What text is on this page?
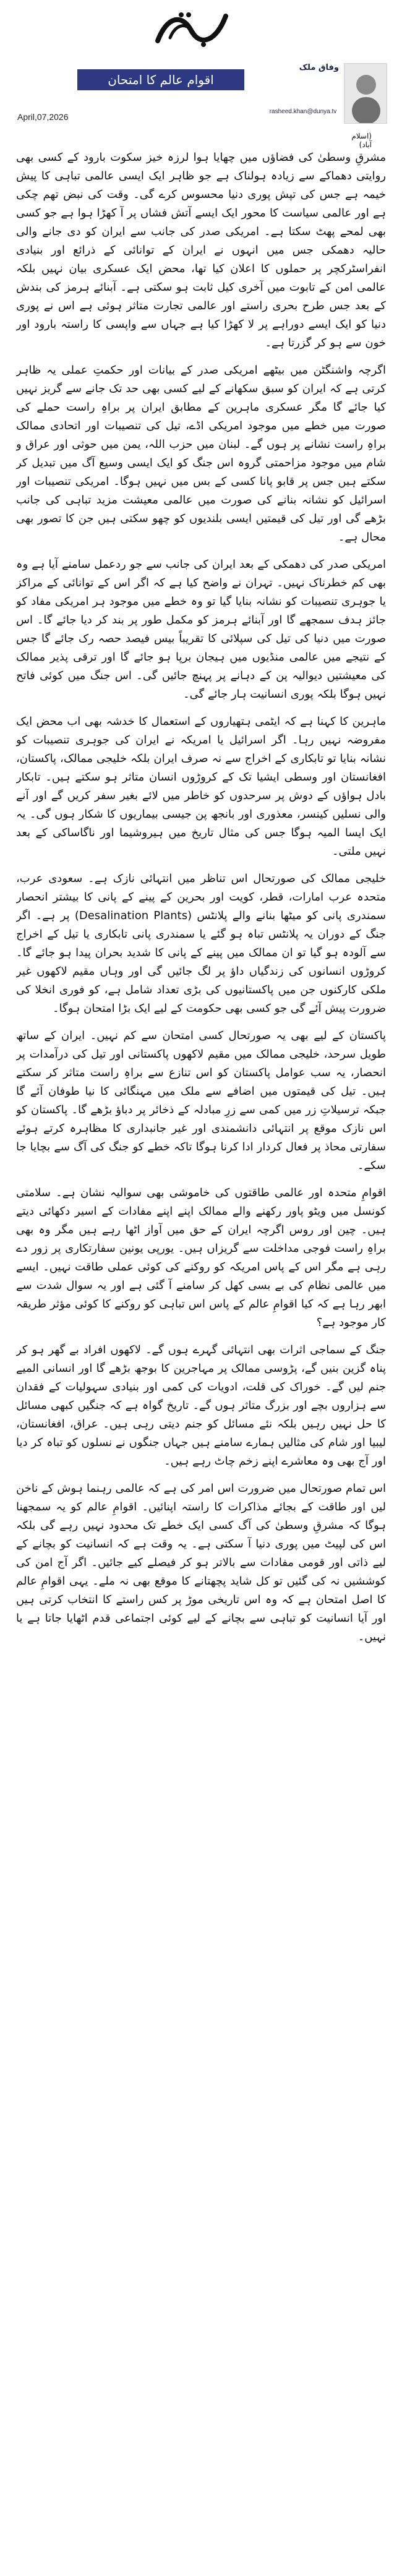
اقوام عالم کا امتحان
April,07,2026
وفاق ملک
rasheed.khan@dunya.tv
(اسلام آباد)

مشرقِ وسطیٰ کی فضاؤں میں چھایا ہوا لرزہ خیز سکوت بارود کے کسی بھی روایتی دھماکے سے زیادہ ہولناک ہے جو ظاہر ایک ایسی عالمی تباہی کا پیش خیمہ ہے جس کی تپش پوری دنیا محسوس کرے گی۔ وقت کی نبض تھم چکی ہے اور عالمی سیاست کا محور ایک ایسے آتش فشاں پر آ کھڑا ہوا ہے جو کسی بھی لمحے پھٹ سکتا ہے۔ امریکی صدر کی جانب سے ایران کو دی جانے والی حالیہ دھمکی جس میں انہوں نے ایران کے توانائی کے ذرائع اور بنیادی انفراسٹرکچر پر حملوں کا اعلان کیا تھا، محض ایک عسکری بیان نہیں بلکہ عالمی امن کے تابوت میں آخری کیل ثابت ہو سکتی ہے۔ آبنائے ہرمز کی بندش کے بعد جس طرح بحری راستے اور عالمی تجارت متاثر ہوئی ہے اس نے پوری دنیا کو ایک ایسے دوراہے پر لا کھڑا کیا ہے جہاں سے واپسی کا راستہ بارود اور خون سے ہو کر گزرتا ہے۔

اگرچہ واشنگٹن میں بیٹھے امریکی صدر کے بیانات اور حکمتِ عملی یہ ظاہر کرتی ہے کہ ایران کو سبق سکھانے کے لیے کسی بھی حد تک جانے سے گریز نہیں کیا جائے گا مگر عسکری ماہرین کے مطابق ایران پر براہِ راست حملے کی صورت میں خطے میں موجود امریکی اڈے، تیل کی تنصیبات اور اتحادی ممالک براہِ راست نشانے پر ہوں گے۔ لبنان میں حزب اللہ، یمن میں حوثی اور عراق و شام میں موجود مزاحمتی گروہ اس جنگ کو ایک ایسی وسیع آگ میں تبدیل کر سکتے ہیں جس پر قابو پانا کسی کے بس میں نہیں ہوگا۔ امریکی تنصیبات اور اسرائیل کو نشانہ بنانے کی صورت میں عالمی معیشت مزید تباہی کی جانب بڑھے گی اور تیل کی قیمتیں ایسی بلندیوں کو چھو سکتی ہیں جن کا تصور بھی محال ہے۔

امریکی صدر کی دھمکی کے بعد ایران کی جانب سے جو ردعمل سامنے آیا ہے وہ بھی کم خطرناک نہیں۔ تہران نے واضح کیا ہے کہ اگر اس کے توانائی کے مراکز یا جوہری تنصیبات کو نشانہ بنایا گیا تو وہ خطے میں موجود ہر امریکی مفاد کو جائز ہدف سمجھے گا اور آبنائے ہرمز کو مکمل طور پر بند کر دیا جائے گا۔ اس صورت میں دنیا کی تیل کی سپلائی کا تقریباً بیس فیصد حصہ رک جائے گا جس کے نتیجے میں عالمی منڈیوں میں ہیجان برپا ہو جائے گا اور ترقی پذیر ممالک کی معیشتیں دیوالیہ پن کے دہانے پر پہنچ جائیں گی۔ اس جنگ میں کوئی فاتح نہیں ہوگا بلکہ پوری انسانیت ہار جائے گی۔

ماہرین کا کہنا ہے کہ ایٹمی ہتھیاروں کے استعمال کا خدشہ بھی اب محض ایک مفروضہ نہیں رہا۔ اگر اسرائیل یا امریکہ نے ایران کی جوہری تنصیبات کو نشانہ بنایا تو تابکاری کے اخراج سے نہ صرف ایران بلکہ خلیجی ممالک، پاکستان، افغانستان اور وسطی ایشیا تک کے کروڑوں انسان متاثر ہو سکتے ہیں۔ تابکار بادل ہواؤں کے دوش پر سرحدوں کو خاطر میں لائے بغیر سفر کریں گے اور آنے والی نسلیں کینسر، معذوری اور بانجھ پن جیسی بیماریوں کا شکار ہوں گی۔ یہ ایک ایسا المیہ ہوگا جس کی مثال تاریخ میں ہیروشیما اور ناگاساکی کے بعد نہیں ملتی۔

خلیجی ممالک کی صورتحال اس تناظر میں انتہائی نازک ہے۔ سعودی عرب، متحدہ عرب امارات، قطر، کویت اور بحرین کے پینے کے پانی کا بیشتر انحصار سمندری پانی کو میٹھا بنانے والے پلانٹس (Desalination Plants) پر ہے۔ اگر جنگ کے دوران یہ پلانٹس تباہ ہو گئے یا سمندری پانی تابکاری یا تیل کے اخراج سے آلودہ ہو گیا تو ان ممالک میں پینے کے پانی کا شدید بحران پیدا ہو جائے گا۔ کروڑوں انسانوں کی زندگیاں داؤ پر لگ جائیں گی اور وہاں مقیم لاکھوں غیر ملکی کارکنوں جن میں پاکستانیوں کی بڑی تعداد شامل ہے، کو فوری انخلا کی ضرورت پیش آئے گی جو کسی بھی حکومت کے لیے ایک بڑا امتحان ہوگا۔

پاکستان کے لیے بھی یہ صورتحال کسی امتحان سے کم نہیں۔ ایران کے ساتھ طویل سرحد، خلیجی ممالک میں مقیم لاکھوں پاکستانی اور تیل کی درآمدات پر انحصار، یہ سب عوامل پاکستان کو اس تنازع سے براہِ راست متاثر کر سکتے ہیں۔ تیل کی قیمتوں میں اضافے سے ملک میں مہنگائی کا نیا طوفان آئے گا جبکہ ترسیلاتِ زر میں کمی سے زرِ مبادلہ کے ذخائر پر دباؤ بڑھے گا۔ پاکستان کو اس نازک موقع پر انتہائی دانشمندی اور غیر جانبداری کا مظاہرہ کرتے ہوئے سفارتی محاذ پر فعال کردار ادا کرنا ہوگا تاکہ خطے کو جنگ کی آگ سے بچایا جا سکے۔

اقوامِ متحدہ اور عالمی طاقتوں کی خاموشی بھی سوالیہ نشان ہے۔ سلامتی کونسل میں ویٹو پاور رکھنے والے ممالک اپنے اپنے مفادات کے اسیر دکھائی دیتے ہیں۔ چین اور روس اگرچہ ایران کے حق میں آواز اٹھا رہے ہیں مگر وہ بھی براہِ راست فوجی مداخلت سے گریزاں ہیں۔ یورپی یونین سفارتکاری پر زور دے رہی ہے مگر اس کے پاس امریکہ کو روکنے کی کوئی عملی طاقت نہیں۔ ایسے میں عالمی نظام کی بے بسی کھل کر سامنے آ گئی ہے اور یہ سوال شدت سے ابھر رہا ہے کہ کیا اقوامِ عالم کے پاس اس تباہی کو روکنے کا کوئی مؤثر طریقہ کار موجود ہے؟

جنگ کے سماجی اثرات بھی انتہائی گہرے ہوں گے۔ لاکھوں افراد بے گھر ہو کر پناہ گزین بنیں گے، پڑوسی ممالک پر مہاجرین کا بوجھ بڑھے گا اور انسانی المیے جنم لیں گے۔ خوراک کی قلت، ادویات کی کمی اور بنیادی سہولیات کے فقدان سے ہزاروں بچے اور بزرگ متاثر ہوں گے۔ تاریخ گواہ ہے کہ جنگیں کبھی مسائل کا حل نہیں رہیں بلکہ نئے مسائل کو جنم دیتی رہی ہیں۔ عراق، افغانستان، لیبیا اور شام کی مثالیں ہمارے سامنے ہیں جہاں جنگوں نے نسلوں کو تباہ کر دیا اور آج بھی وہ معاشرے اپنے زخم چاٹ رہے ہیں۔

اس تمام صورتحال میں ضرورت اس امر کی ہے کہ عالمی رہنما ہوش کے ناخن لیں اور طاقت کے بجائے مذاکرات کا راستہ اپنائیں۔ اقوامِ عالم کو یہ سمجھنا ہوگا کہ مشرقِ وسطیٰ کی آگ کسی ایک خطے تک محدود نہیں رہے گی بلکہ اس کی لپیٹ میں پوری دنیا آ سکتی ہے۔ یہ وقت ہے کہ انسانیت کو بچانے کے لیے ذاتی اور قومی مفادات سے بالاتر ہو کر فیصلے کیے جائیں۔ اگر آج امن کی کوششیں نہ کی گئیں تو کل شاید پچھتانے کا موقع بھی نہ ملے۔ یہی اقوامِ عالم کا اصل امتحان ہے کہ وہ اس تاریخی موڑ پر کس راستے کا انتخاب کرتی ہیں اور آیا انسانیت کو تباہی سے بچانے کے لیے کوئی اجتماعی قدم اٹھایا جاتا ہے یا نہیں۔
